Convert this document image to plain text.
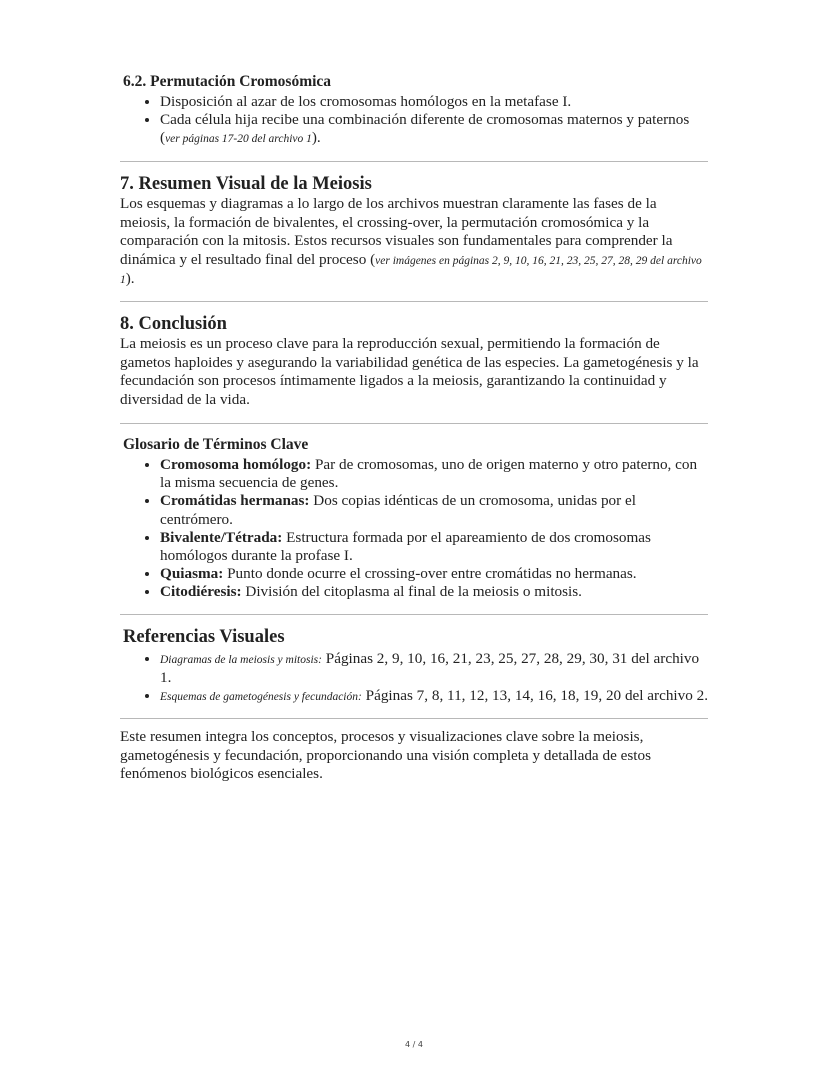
6.2. Permutación Cromosómica
• Disposición al azar de los cromosomas homólogos en la metafase I.
• Cada célula hija recibe una combinación diferente de cromosomas maternos y paternos (ver páginas 17-20 del archivo 1).
7. Resumen Visual de la Meiosis

Los esquemas y diagramas a lo largo de los archivos muestran claramente las fases de la meiosis, la formación de bivalentes, el crossing-over, la permutación cromosómica y la comparación con la mitosis. Estos recursos visuales son fundamentales para comprender la dinámica y el resultado final del proceso (ver imágenes en páginas 2, 9, 10, 16, 21, 23, 25, 27, 28, 29 del archivo 1).

8. Conclusión

La meiosis es un proceso clave para la reproducción sexual, permitiendo la formación de gametos haploides y asegurando la variabilidad genética de las especies. La gametogénesis y la fecundación son procesos íntimamente ligados a la meiosis, garantizando la continuidad y diversidad de la vida.

Glosario de Términos Clave
• Cromosoma homólogo: Par de cromosomas, uno de origen materno y otro paterno, con la misma secuencia de genes.
• Cromátidas hermanas: Dos copias idénticas de un cromosoma, unidas por el centrómero.
• Bivalente/Tétrada: Estructura formada por el apareamiento de dos cromosomas homólogos durante la profase I.
• Quiasma: Punto donde ocurre el crossing-over entre cromátidas no hermanas.
• Citodiéresis: División del citoplasma al final de la meiosis o mitosis.
Referencias Visuales
• Diagramas de la meiosis y mitosis: Páginas 2, 9, 10, 16, 21, 23, 25, 27, 28, 29, 30, 31 del archivo 1.
• Esquemas de gametogénesis y fecundación: Páginas 7, 8, 11, 12, 13, 14, 16, 18, 19, 20 del archivo 2.

Este resumen integra los conceptos, procesos y visualizaciones clave sobre la meiosis, gametogénesis y fecundación, proporcionando una visión completa y detallada de estos fenómenos biológicos esenciales.

4 / 4
